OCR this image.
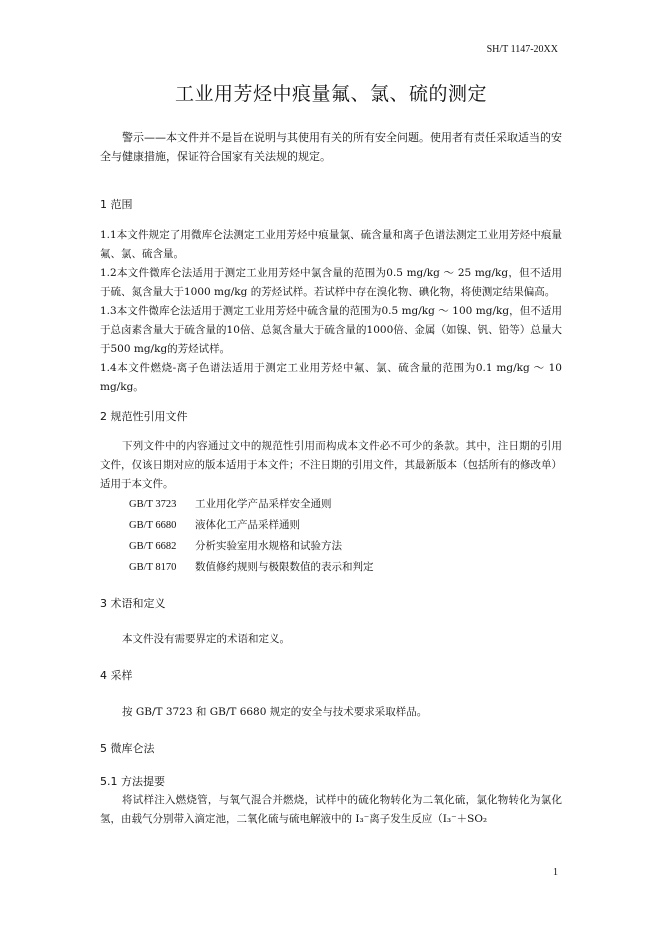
SH/T 1147-20XX
工业用芳烃中痕量氟、氯、硫的测定

警示——本文件并不是旨在说明与其使用有关的所有安全问题。使用者有责任采取适当的安全与健康措施，保证符合国家有关法规的规定。

1 范围

1.1本文件规定了用微库仑法测定工业用芳烃中痕量氯、硫含量和离子色谱法测定工业用芳烃中痕量氟、氯、硫含量。

1.2本文件微库仑法适用于测定工业用芳烃中氯含量的范围为0.5 mg/kg ～ 25 mg/kg，但不适用于硫、氮含量大于1000 mg/kg 的芳烃试样。若试样中存在溴化物、碘化物，将使测定结果偏高。

1.3本文件微库仑法适用于测定工业用芳烃中硫含量的范围为0.5 mg/kg ～ 100 mg/kg，但不适用于总卤素含量大于硫含量的10倍、总氮含量大于硫含量的1000倍、金属（如镍、钒、铅等）总量大于500 mg/kg的芳烃试样。

1.4本文件燃烧-离子色谱法适用于测定工业用芳烃中氟、氯、硫含量的范围为0.1 mg/kg ～ 10 mg/kg。

2 规范性引用文件

下列文件中的内容通过文中的规范性引用而构成本文件必不可少的条款。其中，注日期的引用文件，仅该日期对应的版本适用于本文件；不注日期的引用文件，其最新版本（包括所有的修改单）适用于本文件。

GB/T 3723 工业用化学产品采样安全通则
GB/T 6680 液体化工产品采样通则
GB/T 6682 分析实验室用水规格和试验方法
GB/T 8170 数值修约规则与极限数值的表示和判定

3 术语和定义

本文件没有需要界定的术语和定义。

4 采样

按 GB/T 3723 和 GB/T 6680 规定的安全与技术要求采取样品。

5 微库仑法

5.1 方法提要

将试样注入燃烧管，与氧气混合并燃烧，试样中的硫化物转化为二氧化硫，氯化物转化为氯化氢，由载气分别带入滴定池，二氧化硫与硫电解液中的 I₃⁻离子发生反应（I₃⁻＋SO₂

1
